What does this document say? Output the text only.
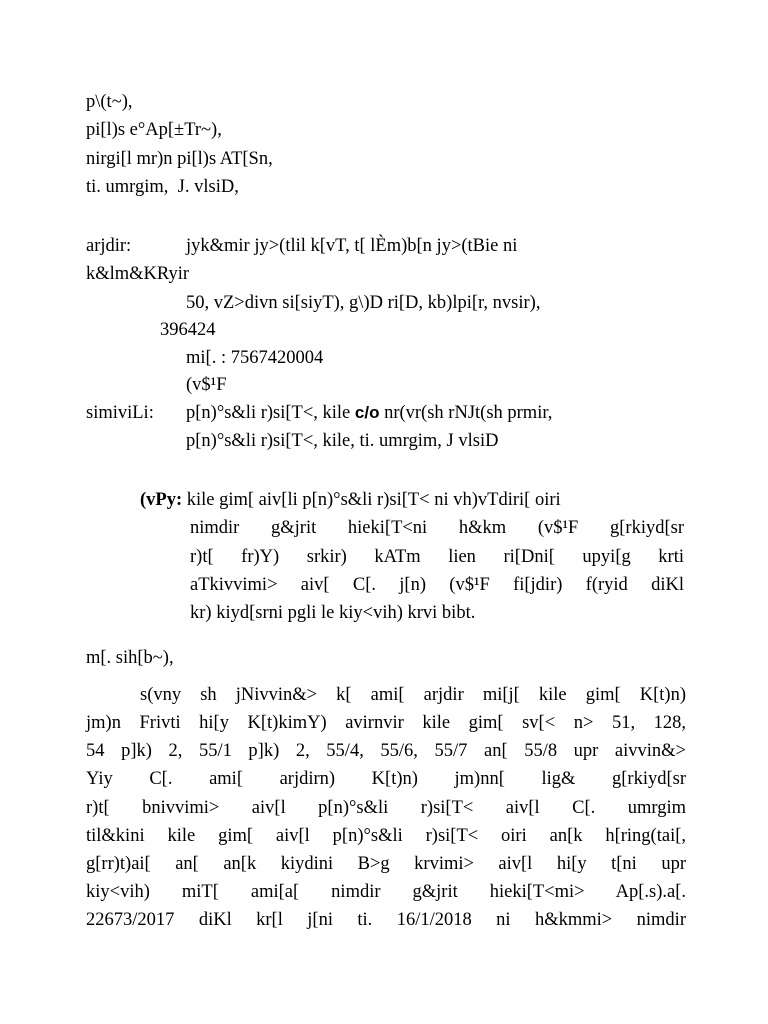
p\(t~),
pi[l)s e°Ap[±Tr~),
nirgi[l mr)n pi[l)s AT[Sn,
ti. umrgim,  J. vlsiD,
arjdir:	jyk&mir jy>(tlil k[vT, t[ lÈm)b[n jy>(tBie ni
k&lm&KRyir
50, vZ>divn si[siyT), g\)D ri[D, kb)lpi[r, nvsir),
396424
mi[. : 7567420004
(v$¹F
simiviLi: p[n)°s&li r)si[T<, kile c/o nr(vr(sh rNJt(sh prmir,
p[n)°s&li r)si[T<, kile, ti. umrgim, J vlsiD
(vPy: kile gim[ aiv[li p[n)°s&li r)si[T< ni vh)vTdiri[ oiri
nimdir g&jrit hieki[T<ni h&km (v$¹F g[rkiyd[sr
r)t[ fr)Y) srkir) kATm lien ri[Dni[ upyi[g krti
aTkivvimi> aiv[ C[. j[n) (v$¹F fi[jdir) f(ryid diKl
kr) kiyd[srni pgli le kiy<vih) krvi bibt.
m[. sih[b~),
s(vny sh jNivvin&> k[ ami[ arjdir mi[j[ kile gim[ K[t)n)
jm)n Frivti hi[y K[t)kimY) avirnvir kile gim[ sv[< n> 51, 128,
54 p]k) 2, 55/1 p]k) 2, 55/4, 55/6, 55/7 an[ 55/8 upr aivvin&>
Yiy C[. ami[ arjdirn) K[t)n) jm)nn[ lig& g[rkiyd[sr
r)t[ bnivvimi> aiv[l p[n)°s&li r)si[T< aiv[l C[. umrgim
til&kini kile gim[ aiv[l p[n)°s&li r)si[T< oiri an[k h[ring(tai[,
g[rr)t)ai[ an[ an[k kiydini B>g krvimi> aiv[l hi[y t[ni upr
kiy<vih) miT[ ami[a[ nimdir g&jrit hieki[T<mi> Ap[.s).a[.
22673/2017 diKl kr[l j[ni ti. 16/1/2018 ni h&kmmi> nimdir
